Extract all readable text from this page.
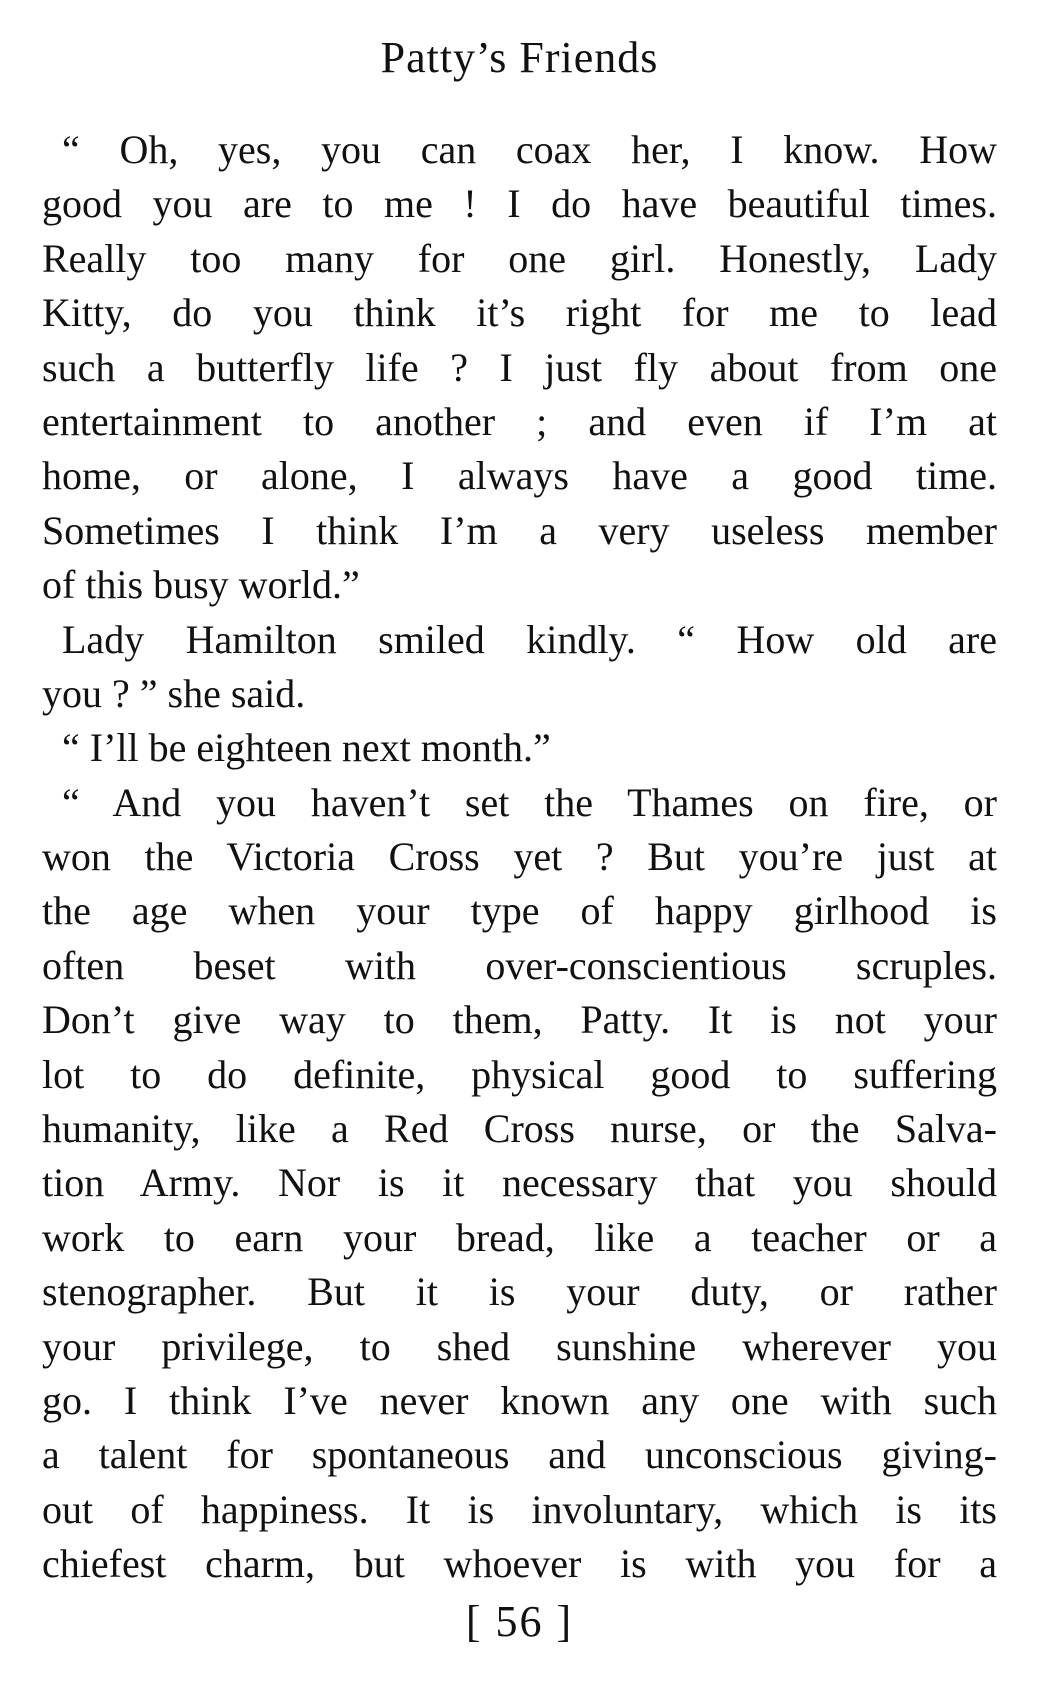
Patty’s Friends
“ Oh, yes, you can coax her, I know. How
good you are to me ! I do have beautiful times.
Really too many for one girl. Honestly, Lady
Kitty, do you think it’s right for me to lead
such a butterfly life ? I just fly about from one
entertainment to another ; and even if I’m at
home, or alone, I always have a good time.
Sometimes I think I’m a very useless member
of this busy world.”
Lady Hamilton smiled kindly. “ How old are
you ? ” she said.
“ I’ll be eighteen next month.”
“ And you haven’t set the Thames on fire, or
won the Victoria Cross yet ? But you’re just at
the age when your type of happy girlhood is
often beset with over-conscientious scruples.
Don’t give way to them, Patty. It is not your
lot to do definite, physical good to suffering
humanity, like a Red Cross nurse, or the Salva-
tion Army. Nor is it necessary that you should
work to earn your bread, like a teacher or a
stenographer. But it is your duty, or rather
your privilege, to shed sunshine wherever you
go. I think I’ve never known any one with such
a talent for spontaneous and unconscious giving-
out of happiness. It is involuntary, which is its
chiefest charm, but whoever is with you for a
[ 56 ]
